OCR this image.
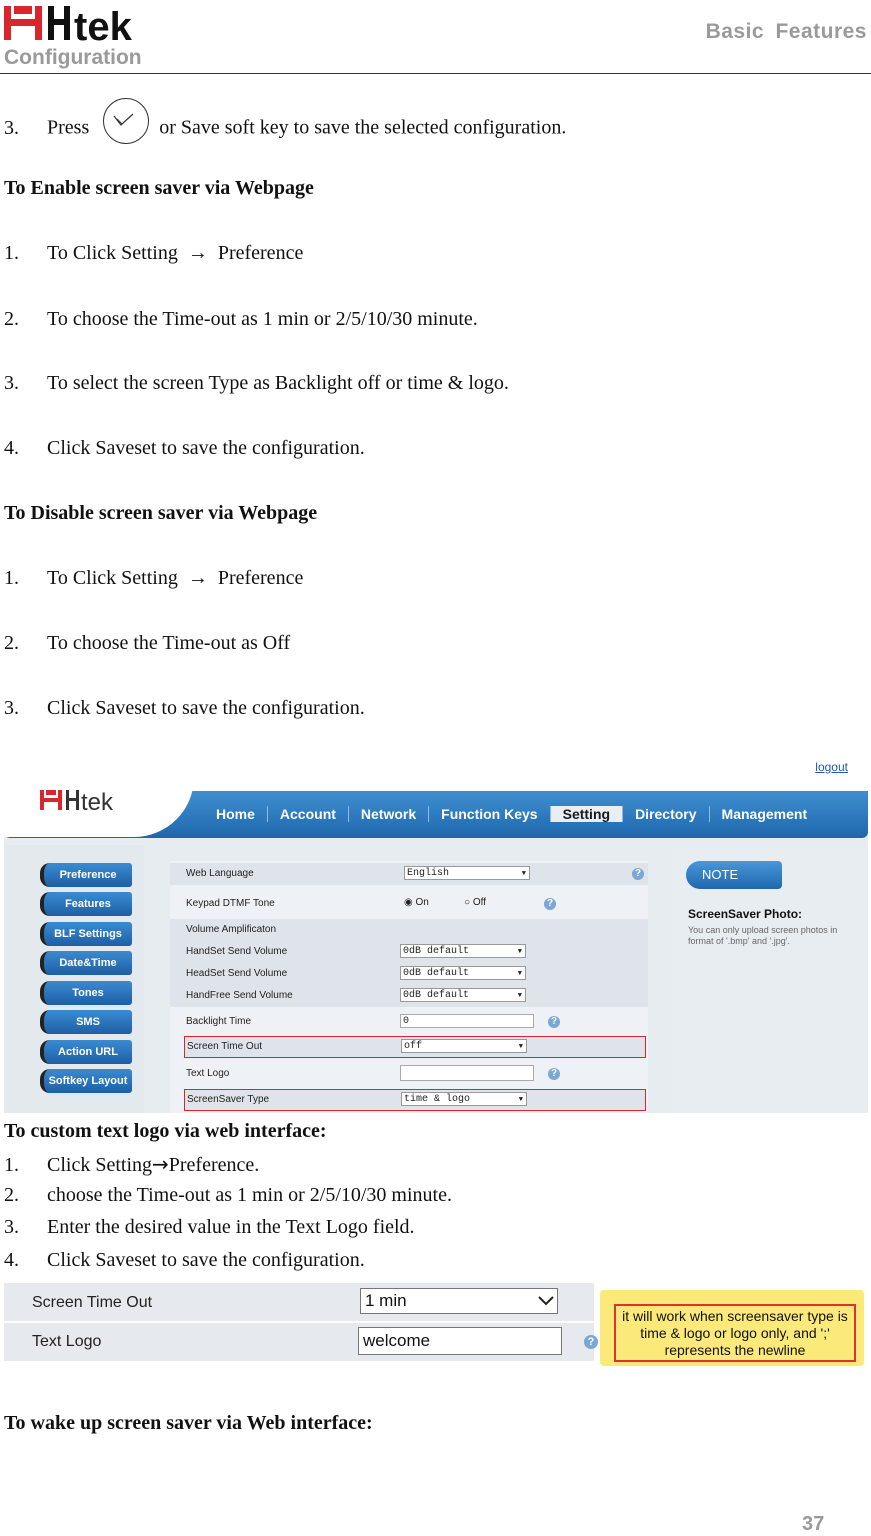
tek	Basic Features
Configuration
3. Press	or Save soft key to save the selected configuration.
To Enable screen saver via Webpage
1. To Click Setting → Preference
2. To choose the Time-out as 1 min or 2/5/10/30 minute.
3. To select the screen Type as Backlight off or time & logo.
4. Click Saveset to save the configuration.
To Disable screen saver via Webpage
1. To Click Setting → Preference
2. To choose the Time-out as Off
3. Click Saveset to save the configuration.
logout
tek	Home	Account	Network	Function Keys	Setting	Directory	Management
Preference
Features
BLF Settings
Date&Time
Tones
SMS
Action URL
Softkey Layout
Web Language	English ▼	?
Keypad DTMF Tone	◉ On	○ Off	?
Volume Amplificaton
HandSet Send Volume	0dB default ▼
HeadSet Send Volume	0dB default ▼
HandFree Send Volume	0dB default ▼
Backlight Time	0	?
Screen Time Out	off ▼
Text Logo	?
ScreenSaver Type	time & logo ▼
NOTE
ScreenSaver Photo:
You can only upload screen photos in format of '.bmp' and '.jpg'.
To custom text logo via web interface:
1. Click Setting→Preference.
2. choose the Time-out as 1 min or 2/5/10/30 minute.
3. Enter the desired value in the Text Logo field.
4. Click Saveset to save the configuration.
Screen Time Out	1 min
Text Logo	welcome	?
it will work when screensaver type is time & logo or logo only, and ';' represents the newline
To wake up screen saver via Web interface:
37
